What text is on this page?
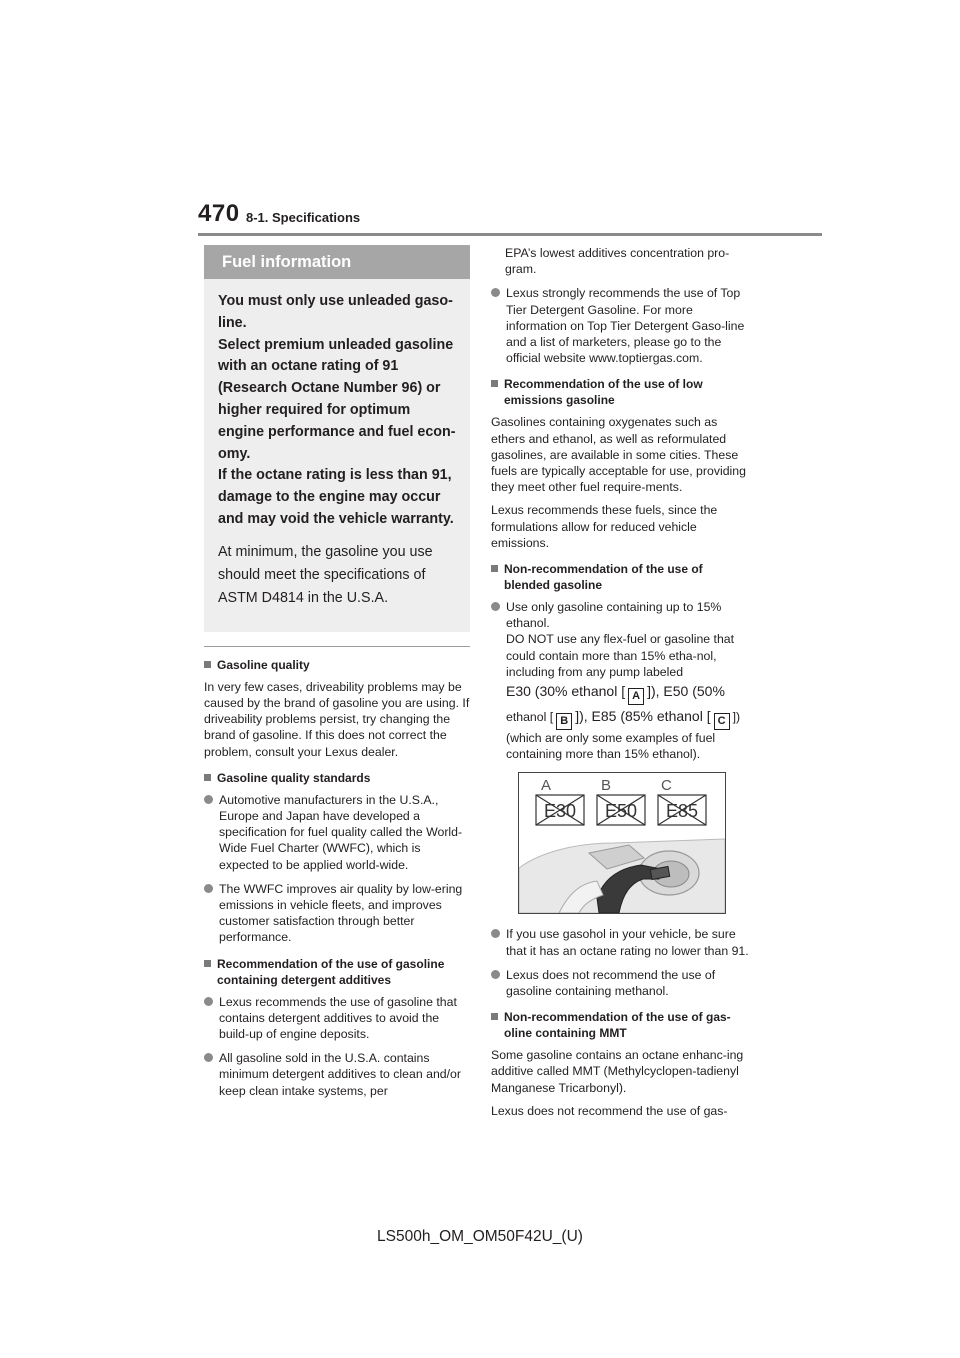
470 8-1. Specifications
Fuel information

You must only use unleaded gaso-

line.

Select premium unleaded gasoline

with an octane rating of 91

(Research Octane Number 96) or

higher required for optimum

engine performance and fuel econ-

omy.

If the octane rating is less than 91,

damage to the engine may occur

and may void the vehicle warranty.

At minimum, the gasoline you use
should meet the specifications of
ASTM D4814 in the U.S.A.

Gasoline quality

In very few cases, driveability problems may be caused by the brand of gasoline you are using. If driveability problems persist, try changing the brand of gasoline. If this does not correct the problem, consult your Lexus dealer.

Gasoline quality standards
Automotive manufacturers in the U.S.A., Europe and Japan have developed a specification for fuel quality called the World-Wide Fuel Charter (WWFC), which is expected to be applied world-wide.
The WWFC improves air quality by low-ering emissions in vehicle fleets, and improves customer satisfaction through better performance.
Recommendation of the use of gasoline containing detergent additives
Lexus recommends the use of gasoline that contains detergent additives to avoid the build-up of engine deposits.
All gasoline sold in the U.S.A. contains minimum detergent additives to clean and/or keep clean intake systems, per

EPA’s lowest additives concentration pro-gram.

Lexus strongly recommends the use of Top Tier Detergent Gasoline. For more information on Top Tier Detergent Gaso-line and a list of marketers, please go to the official website www.toptiergas.com.
Recommendation of the use of low emissions gasoline

Gasolines containing oxygenates such as ethers and ethanol, as well as reformulated gasolines, are available in some cities. These fuels are typically acceptable for use, providing they meet other fuel require-ments.

Lexus recommends these fuels, since the formulations allow for reduced vehicle emissions.

Non-recommendation of the use of blended gasoline
Use only gasoline containing up to 15% ethanol.
DO NOT use any flex-fuel or gasoline that could contain more than 15% etha-nol, including from any pump labeled
E30 (30% ethanol [ A ]), E50 (50%
ethanol [ B ]), E85 (85% ethanol [ C ])
(which are only some examples of fuel containing more than 15% ethanol).
A	B	C
E30 E50 E85
If you use gasohol in your vehicle, be sure that it has an octane rating no lower than 91.
Lexus does not recommend the use of gasoline containing methanol.
Non-recommendation of the use of gas-oline containing MMT

Some gasoline contains an octane enhanc-ing additive called MMT (Methylcyclopen-tadienyl Manganese Tricarbonyl).

Lexus does not recommend the use of gas-

LS500h_OM_OM50F42U_(U)
